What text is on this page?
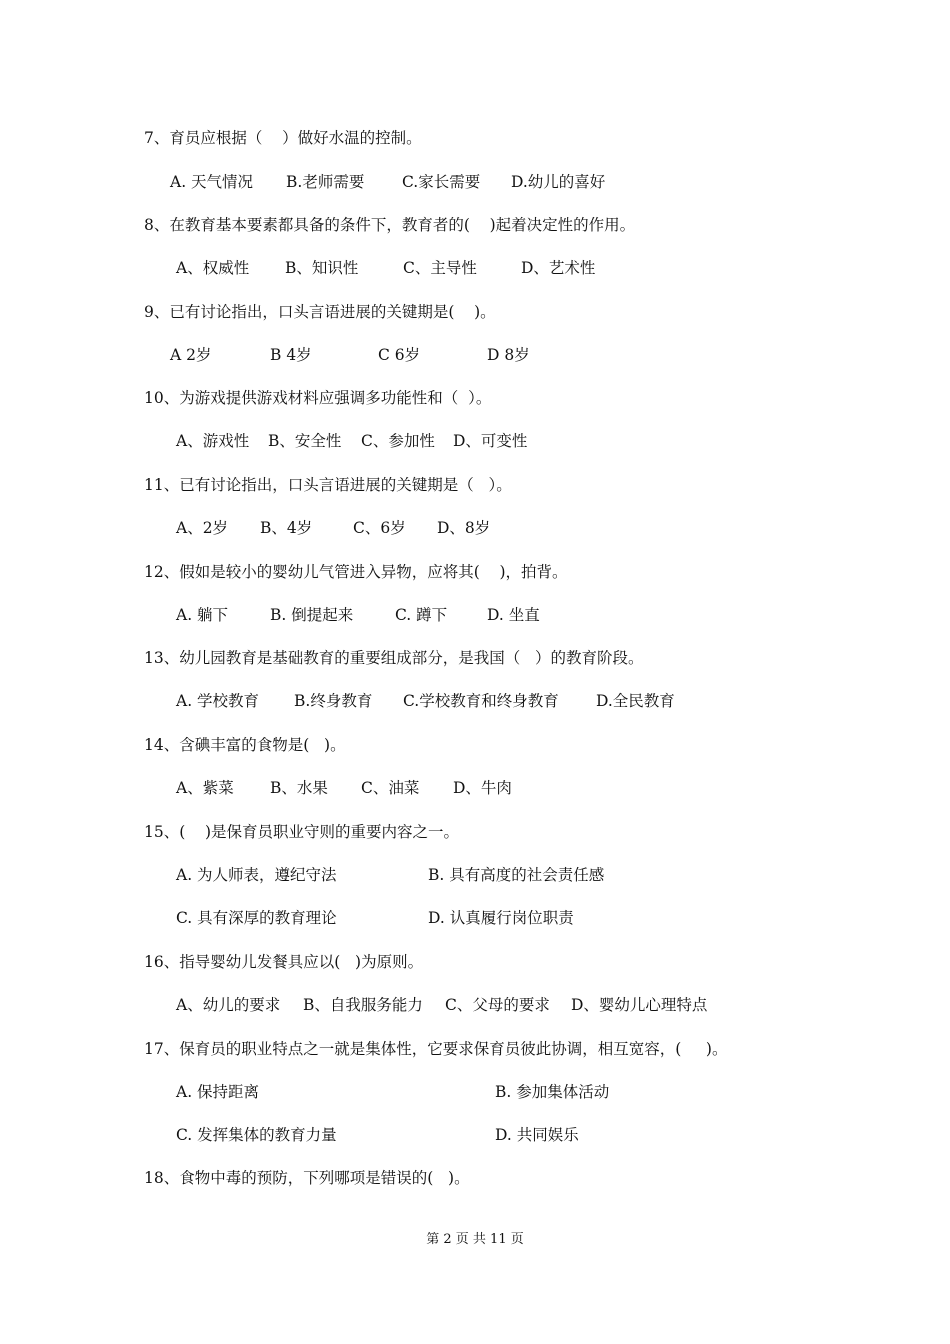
7、育员应根据（    ）做好水温的控制。
A. 天气情况 B.老师需要 C.家长需要 D.幼儿的喜好
8、在教育基本要素都具备的条件下，教育者的(    )起着决定性的作用。
A、权威性 B、知识性	C、主导性	D、艺术性
9、已有讨论指出，口头言语进展的关键期是(    )。
A 2岁	B 4岁	C 6岁	D 8岁
10、为游戏提供游戏材料应强调多功能性和（  ）。
A、游戏性 B、安全性 C、参加性 D、可变性
11、已有讨论指出，口头言语进展的关键期是（   ）。
A、2岁 B、4岁	C、6岁 D、8岁
12、假如是较小的婴幼儿气管进入异物，应将其(    )，拍背。
A. 躺下	B. 倒提起来	C. 蹲下	D. 坐直
13、幼儿园教育是基础教育的重要组成部分，是我国（   ）的教育阶段。
A. 学校教育 B.终身教育 C.学校教育和终身教育 D.全民教育
14、含碘丰富的食物是(   )。
A、紫菜 B、水果 C、油菜 D、牛肉
15、(    )是保育员职业守则的重要内容之一。
A. 为人师表，遵纪守法	B. 具有高度的社会责任感
C. 具有深厚的教育理论	D. 认真履行岗位职责
16、指导婴幼儿发餐具应以(   )为原则。
A、幼儿的要求 B、自我服务能力 C、父母的要求 D、婴幼儿心理特点
17、保育员的职业特点之一就是集体性，它要求保育员彼此协调，相互宽容，(     )。
A. 保持距离	B. 参加集体活动
C. 发挥集体的教育力量	D. 共同娱乐
18、食物中毒的预防，下列哪项是错误的(   )。
第 2 页 共 11 页
